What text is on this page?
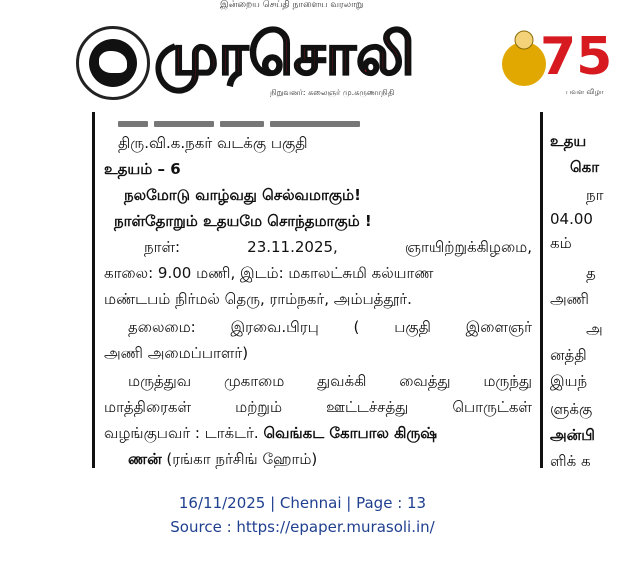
இன்றைய செய்தி நாளைய வரலாறு
முரசொலி
நிறுவனர்: கலைஞர் மு.கருணாநிதி
75
பவள விழா
திரு.வி.க.நகர் வடக்கு பகுதி
உதயம் – 6
நலமோடு வாழ்வது செல்வமாகும்!
நாள்தோறும் உதயமே சொந்தமாகும் !
நாள்:	23.11.2025,	ஞாயிற்றுக்கிழமை,
காலை: 9.00 மணி, இடம்: மகாலட்சுமி கல்யாண
மண்டபம் நிர்மல் தெரு, ராம்நகர், அம்பத்தூர்.
தலைமை: இரவை.பிரபு ( பகுதி இளைஞர்
அணி அமைப்பாளர்)
மருத்துவ முகாமை துவக்கி வைத்து மருந்து
மாத்திரைகள்	மற்றும்	ஊட்டச்சத்து	பொருட்கள்
வழங்குபவர் : டாக்டர். வெங்கட கோபால கிருஷ்
ணன் (ரங்கா நர்சிங் ஹோம்)
உதய
கொ
நா
04.00
கம்
த
அணி
அ
னத்தி
இயந்
ளுக்கு
அன்பி
ளிக் க
16/11/2025 | Chennai | Page : 13
Source : https://epaper.murasoli.in/
